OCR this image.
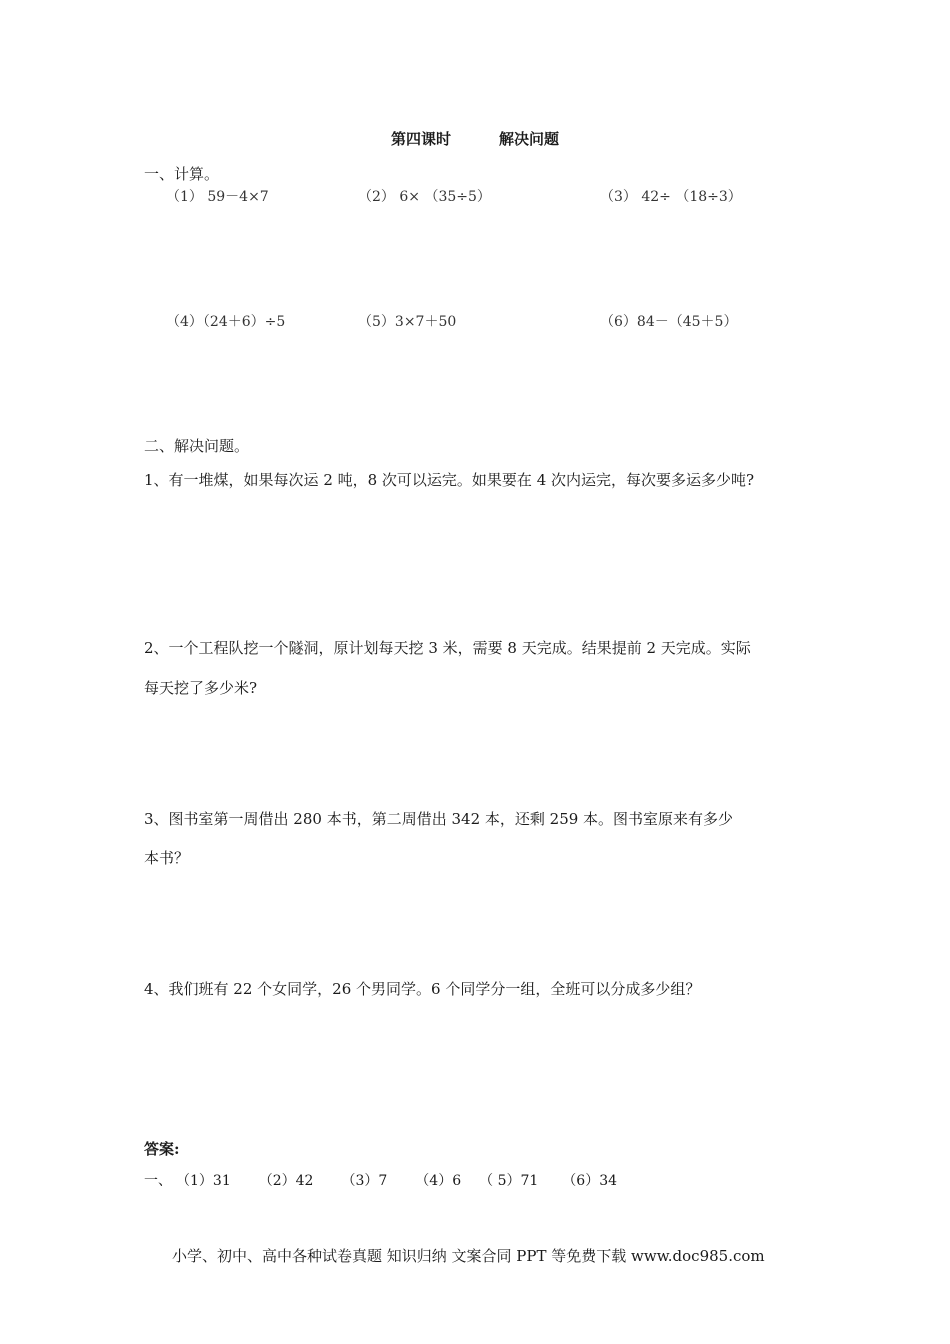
第四课时	解决问题
一、计算。
（1） 59－4×7	（2） 6× （35÷5）	（3） 42÷ （18÷3）
（4）（24＋6）÷5	（5）3×7＋50	（6）84－（45＋5）
二、解决问题。
1、有一堆煤，如果每次运 2 吨，8 次可以运完。如果要在 4 次内运完，每次要多运多少吨?
2、一个工程队挖一个隧洞，原计划每天挖 3 米，需要 8 天完成。结果提前 2 天完成。实际
每天挖了多少米?
3、图书室第一周借出 280 本书，第二周借出 342 本，还剩 259 本。图书室原来有多少
本书？
4、我们班有 22 个女同学，26 个男同学。6 个同学分一组，全班可以分成多少组？
答案:
一、 （1）31 （2）42 （3）7 （4）6 （ 5）71 （6）34
小学、初中、高中各种试卷真题 知识归纳 文案合同 PPT 等免费下载 www.doc985.com
